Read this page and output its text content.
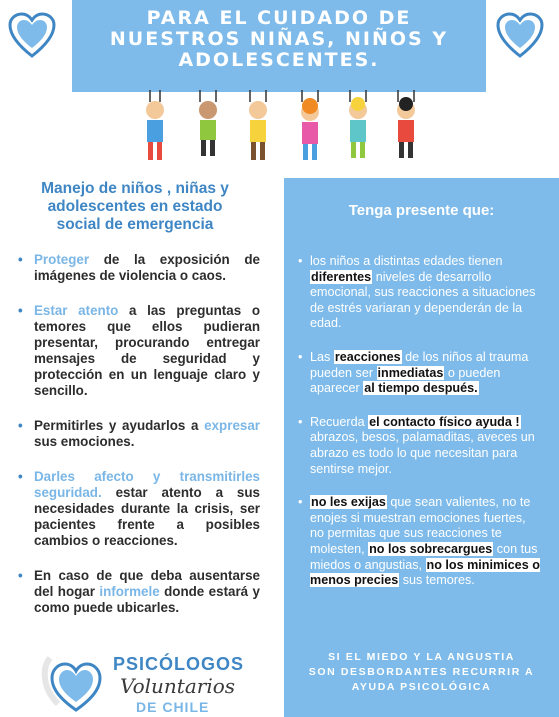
PARA EL CUIDADO DE
NUESTROS NIÑAS, NIÑOS Y
ADOLESCENTES.
Manejo de niños , niñas y
adolescentes en estado
social de emergencia
• Proteger de la exposición de imágenes de violencia o caos.
• Estar atento a las preguntas o temores que ellos pudieran presentar, procurando entregar mensajes de seguridad y protección en un lenguaje claro y sencillo.
• Permitirles y ayudarlos a expresar sus emociones.
• Darles afecto y transmitirles seguridad. estar atento a sus necesidades durante la crisis, ser pacientes frente a posibles cambios o reacciones.
• En caso de que deba ausentarse del hogar informele donde estará y como puede ubicarles.
Tenga presente que:
• los niños a distintas edades tienen diferentes niveles de desarrollo emocional, sus reacciones a situaciones de estrés variaran y dependerán de la edad.
• Las reacciones de los niños al trauma pueden ser inmediatas o pueden aparecer al tiempo después.
• Recuerda el contacto físico ayuda ! abrazos, besos, palamaditas, aveces un abrazo es todo lo que necesitan para sentirse mejor.
• no les exijas que sean valientes, no te enojes si muestran emociones fuertes, no permitas que sus reacciones te molesten, no los sobrecargues con tus miedos o angustias, no los minimices o menos precies sus temores.
SI EL MIEDO Y LA ANGUSTIA
SON DESBORDANTES RECURRIR A
AYUDA PSICOLÓGICA
PSICÓLOGOS
Voluntarios
DE CHILE
